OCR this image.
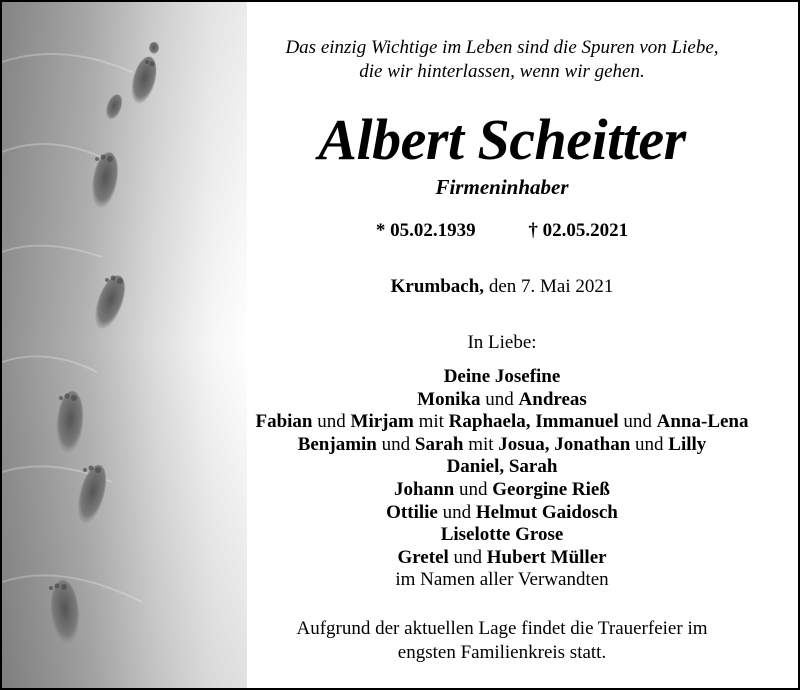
Das einzig Wichtige im Leben sind die Spuren von Liebe,
die wir hinterlassen, wenn wir gehen.
Albert Scheitter
Firmeninhaber
* 05.02.1939	† 02.05.2021
Krumbach, den 7. Mai 2021
In Liebe:
Deine Josefine
Monika und Andreas
Fabian und Mirjam mit Raphaela, Immanuel und Anna-Lena
Benjamin und Sarah mit Josua, Jonathan und Lilly
Daniel, Sarah
Johann und Georgine Rieß
Ottilie und Helmut Gaidosch
Liselotte Grose
Gretel und Hubert Müller
im Namen aller Verwandten
Aufgrund der aktuellen Lage findet die Trauerfeier im
engsten Familienkreis statt.
